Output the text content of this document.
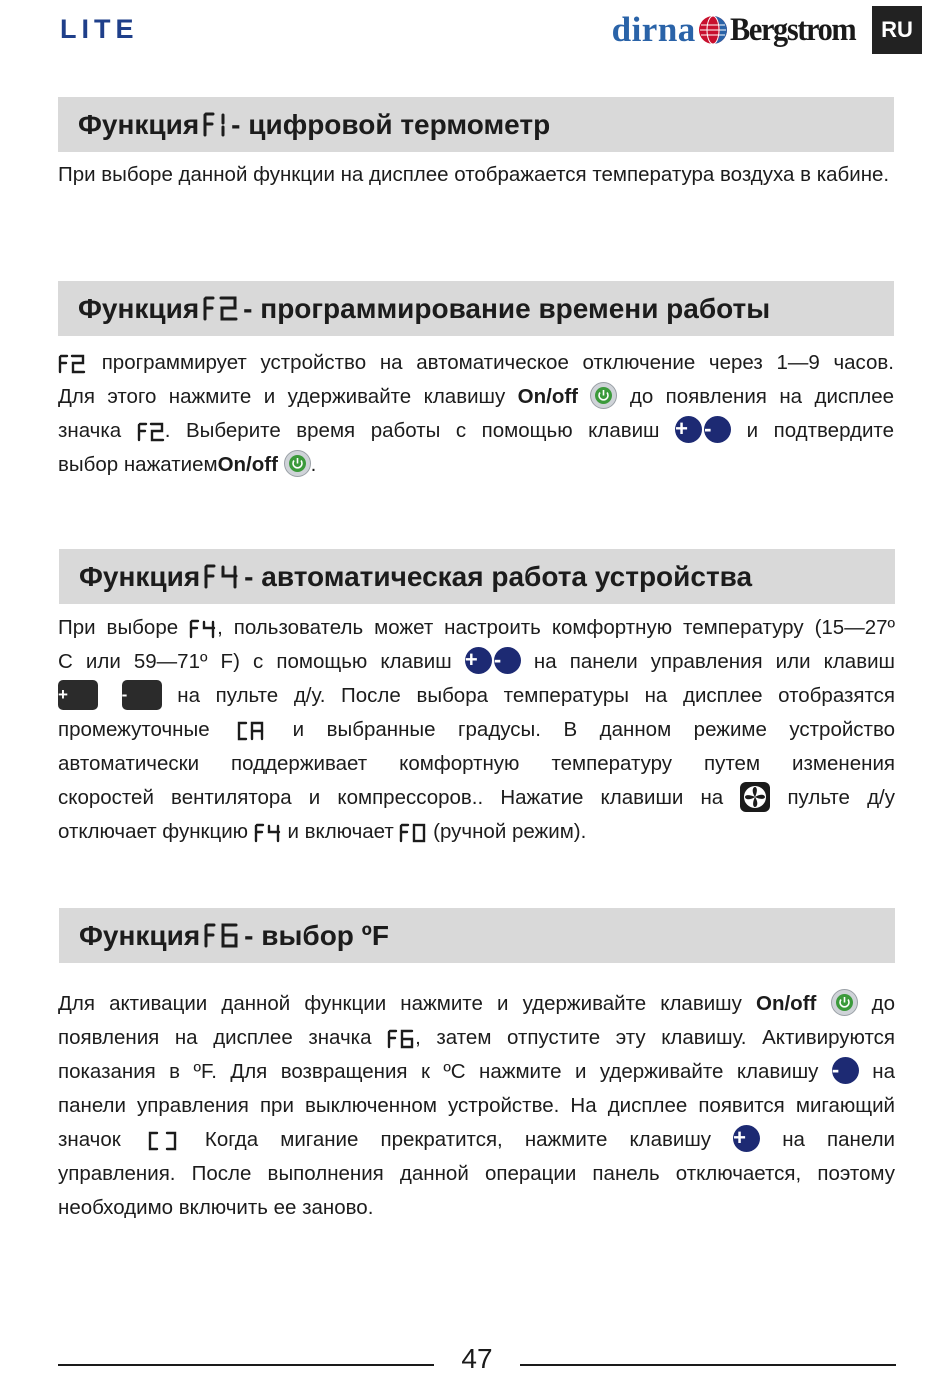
LITE	dirna Bergstrom	RU
Функция - цифровой термометр
При выборе данной функции на дисплее отображается температура воздуха в кабине.
Функция - программирование времени работы
программирует устройство на автоматическое отключение через 1—9 часов.
Для этого нажмите и удерживайте клавишу On/off
до появления на дисплее
значка . Выберите время работы с помощью клавиш + - и подтвердите
выбор нажатиемOn/off .
Функция - автоматическая работа устройства
При выборе , пользователь может настроить комфортную температуру (15—27º
С или 59—71º F) с помощью клавиш + - на панели управления или клавиш
+	- на пульте д/у. После выбора температуры на дисплее отобразятся
промежуточные	и выбранные градусы. В данном режиме устройство
автоматически поддерживает комфортную температуру путем изменения
скоростей вентилятора и компрессоров.. Нажатие клавиши на
пульте д/у
отключает функцию  и включает  (ручной режим).
Функция - выбор ºF
Для активации данной функции нажмите и удерживайте клавишу On/off
до
появления на дисплее значка , затем отпустите эту клавишу. Активируются
показания в ºF. Для возвращения к ºС нажмите и удерживайте клавишу - на
панели управления при выключенном устройстве. На дисплее появится мигающий
значок	Когда мигание прекратится, нажмите клавишу + на панели
управления. После выполнения данной операции панель отключается, поэтому
необходимо включить ее заново.
47
